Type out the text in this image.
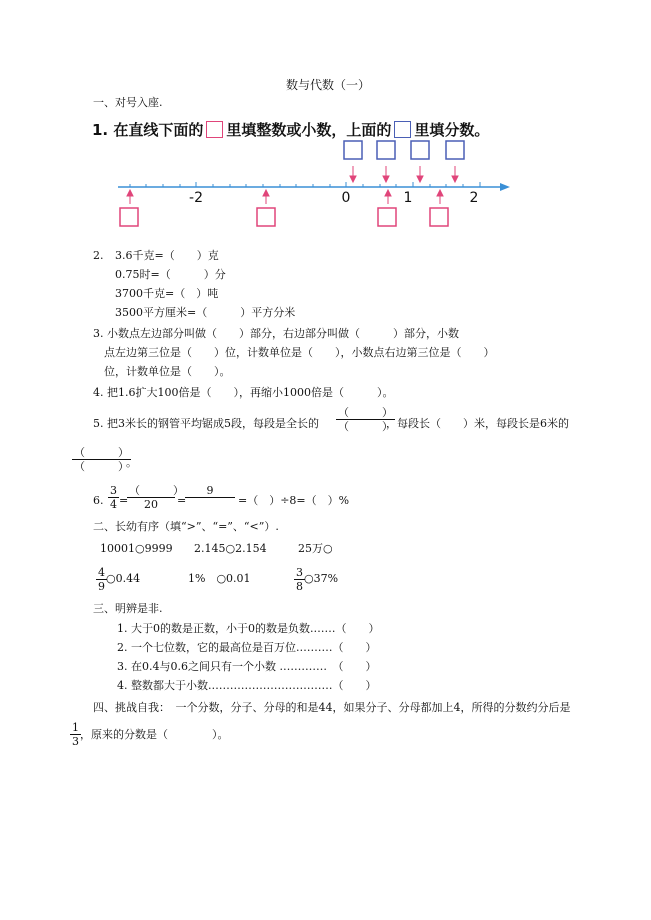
数与代数（一）
一、对号入座.
1. 在直线下面的 里填整数或小数，上面的 里填分数。
-2	0	1	2
2. 3.6千克=（　　）克
0.75时=（　　　）分
3700千克=（　）吨
3500平方厘米=（　　　）平方分米
3. 小数点左边部分叫做（　　）部分，右边部分叫做（　　　）部分，小数
点左边第三位是（　　）位，计数单位是（　　），小数点右边第三位是（　　）
位，计数单位是（　　）。
4. 把1.6扩大100倍是（　　），再缩小1000倍是（　　　）。
5. 把3米长的钢管平均锯成5段，每段是全长的
（　　　）
（　　　）
，每段长（　　）米，每段长是6米的
（　　　）
（　　　）
。
6. $\frac{3}{4}$ =
（　　　）
20	=
9
=（　）÷8=（　）%
二、长幼有序（填“>”、“=”、“<”）.
10001○9999 2.145○2.154	25万○
$\frac{4}{9}$ ○0.44	1%　○0.01	$\frac{3}{8}$ ○37%
三、明辨是非.
1. 大于0的数是正数，小于0的数是负数.……（　　）
2. 一个七位数，它的最高位是百万位.………（　　）
3. 在0.4与0.6之间只有一个小数 .…………　（　　）
4. 整数都大于小数.……………………………（　　）
四、挑战自我：　一个分数，分子、分母的和是44，如果分子、分母都加上4，所得的分数约分后是
$\frac{1}{3}$ ，原来的分数是（　　　　）。
